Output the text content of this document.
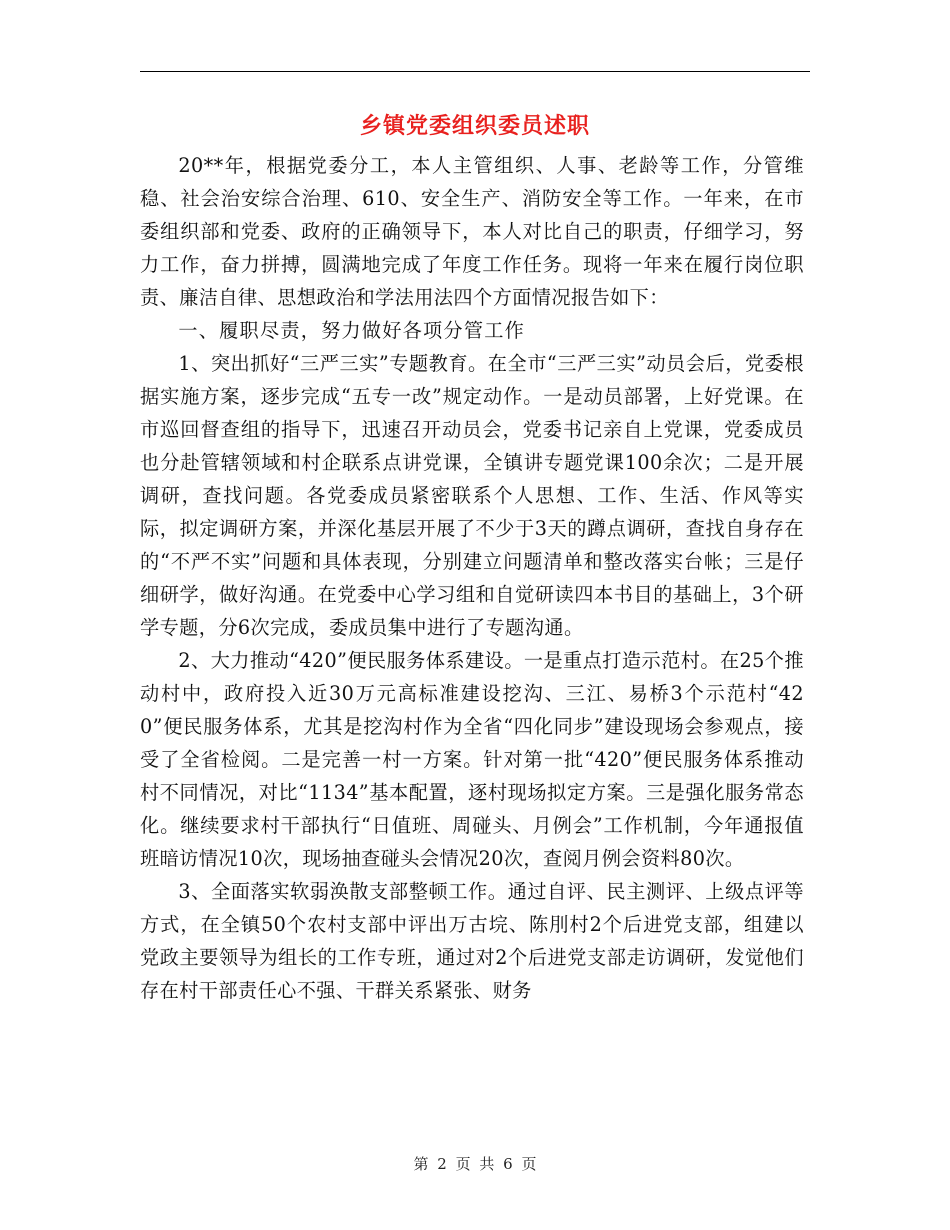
乡镇党委组织委员述职

20**年，根据党委分工，本人主管组织、人事、老龄等工作，分管维稳、社会治安综合治理、610、安全生产、消防安全等工作。一年来，在市委组织部和党委、政府的正确领导下，本人对比自己的职责，仔细学习，努力工作，奋力拼搏，圆满地完成了年度工作任务。现将一年来在履行岗位职责、廉洁自律、思想政治和学法用法四个方面情况报告如下：

一、履职尽责，努力做好各项分管工作

1、突出抓好“三严三实”专题教育。在全市“三严三实”动员会后，党委根据实施方案，逐步完成“五专一改”规定动作。一是动员部署，上好党课。在市巡回督查组的指导下，迅速召开动员会，党委书记亲自上党课，党委成员也分赴管辖领域和村企联系点讲党课，全镇讲专题党课100余次；二是开展调研，查找问题。各党委成员紧密联系个人思想、工作、生活、作风等实际，拟定调研方案，并深化基层开展了不少于3天的蹲点调研，查找自身存在的“不严不实”问题和具体表现，分别建立问题清单和整改落实台帐；三是仔细研学，做好沟通。在党委中心学习组和自觉研读四本书目的基础上，3个研学专题，分6次完成，委成员集中进行了专题沟通。

2、大力推动“420”便民服务体系建设。一是重点打造示范村。在25个推动村中，政府投入近30万元高标准建设挖沟、三江、易桥3个示范村“420”便民服务体系，尤其是挖沟村作为全省“四化同步”建设现场会参观点，接受了全省检阅。二是完善一村一方案。针对第一批“420”便民服务体系推动村不同情况，对比“1134”基本配置，逐村现场拟定方案。三是强化服务常态化。继续要求村干部执行“日值班、周碰头、月例会”工作机制，今年通报值班暗访情况10次，现场抽查碰头会情况20次，查阅月例会资料80次。

3、全面落实软弱涣散支部整顿工作。通过自评、民主测评、上级点评等方式，在全镇50个农村支部中评出万古垸、陈刖村2个后进党支部，组建以党政主要领导为组长的工作专班，通过对2个后进党支部走访调研，发觉他们存在村干部责任心不强、干群关系紧张、财务

第 2 页 共 6 页
